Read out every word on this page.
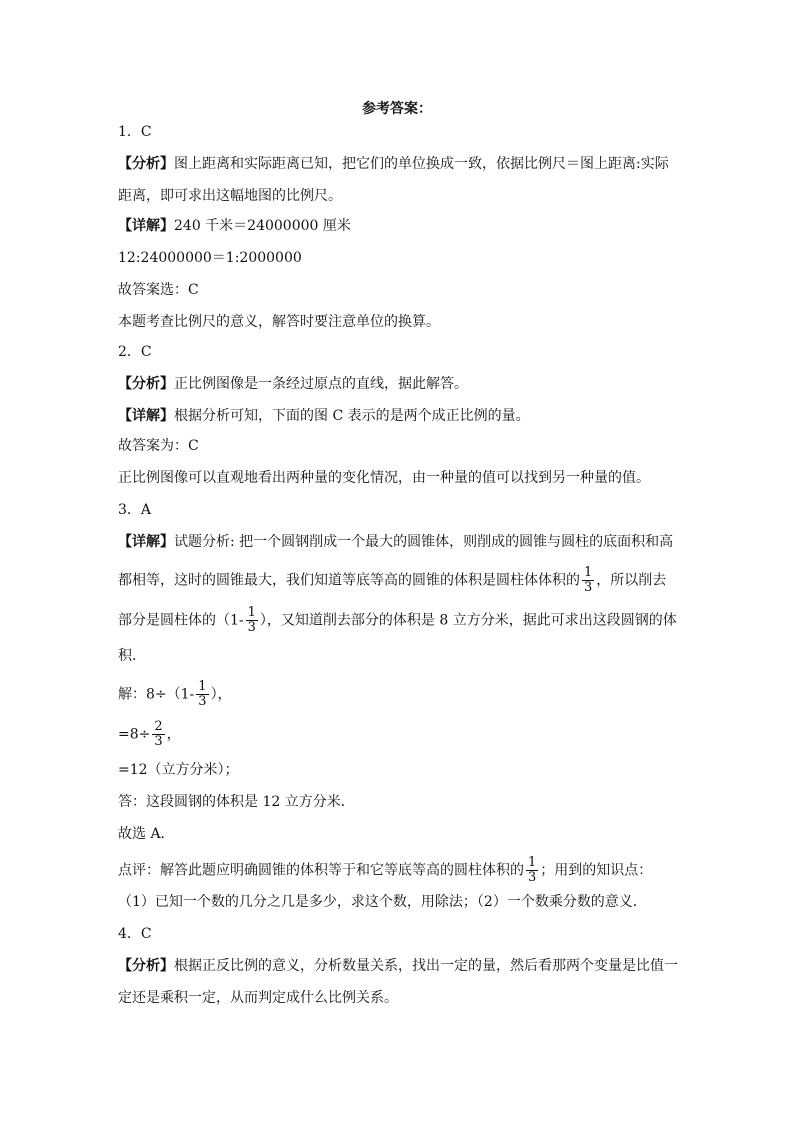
参考答案：
1．C
【分析】图上距离和实际距离已知，把它们的单位换成一致，依据比例尺＝图上距离:实际
距离，即可求出这幅地图的比例尺。
【详解】240 千米＝24000000 厘米
12:24000000＝1:2000000
故答案选：C
本题考查比例尺的意义，解答时要注意单位的换算。
2．C
【分析】正比例图像是一条经过原点的直线，据此解答。
【详解】根据分析可知，下面的图 C 表示的是两个成正比例的量。
故答案为：C
正比例图像可以直观地看出两种量的变化情况，由一种量的值可以找到另一种量的值。
3．A
【详解】试题分析: 把一个圆钢削成一个最大的圆锥体，则削成的圆锥与圆柱的底面积和高
都相等，这时的圆锥最大，我们知道等底等高的圆锥的体积是圆柱体体积的 $\frac{1}{3}$ ，所以削去
部分是圆柱体的（$1- \frac{1}{3}$ ），又知道削去部分的体积是 8 立方分米，据此可求出这段圆钢的体
积．
解：$8\div(1- \frac{1}{3}$ ），
$=8\div \frac{2}{3}$ ，
=12（立方分米）；
答：这段圆钢的体积是 12 立方分米．
故选 A．
点评：解答此题应明确圆锥的体积等于和它等底等高的圆柱体积的 $\frac{1}{3}$ ；用到的知识点：
（1）已知一个数的几分之几是多少，求这个数，用除法；（2）一个数乘分数的意义．
4．C
【分析】根据正反比例的意义，分析数量关系，找出一定的量，然后看那两个变量是比值一
定还是乘积一定，从而判定成什么比例关系。
